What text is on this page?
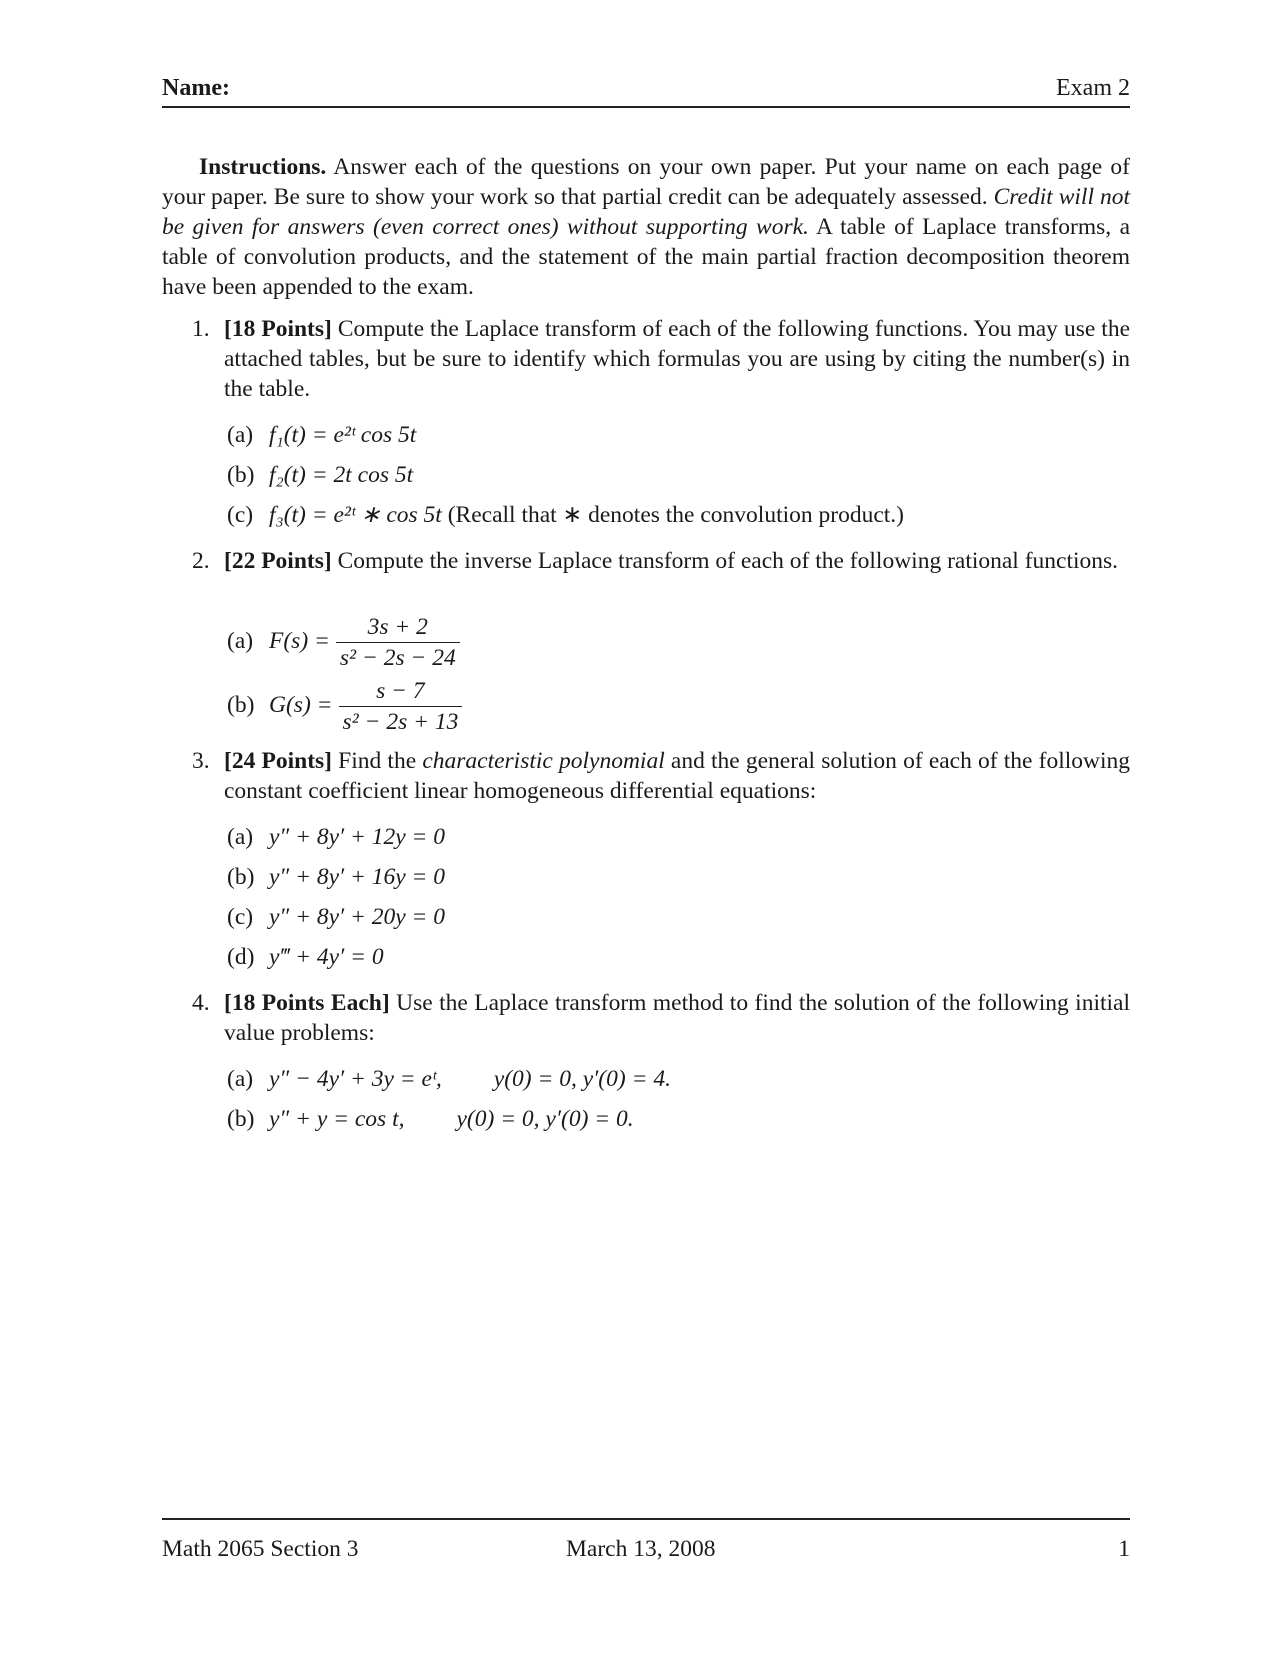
Name:	Exam 2
Instructions. Answer each of the questions on your own paper. Put your name on each page of your paper. Be sure to show your work so that partial credit can be adequately assessed. Credit will not be given for answers (even correct ones) without supporting work. A table of Laplace transforms, a table of convolution products, and the statement of the main partial fraction decomposition theorem have been appended to the exam.
1. [18 Points] Compute the Laplace transform of each of the following functions. You may use the attached tables, but be sure to identify which formulas you are using by citing the number(s) in the table.
(a) f₁(t) = e²ᵗ cos 5t
(b) f₂(t) = 2t cos 5t
(c) f₃(t) = e²ᵗ ∗ cos 5t (Recall that ∗ denotes the convolution product.)
2. [22 Points] Compute the inverse Laplace transform of each of the following rational functions.
(a) $F(s) = \frac{3s + 2}{\text{s² − 2s − 24}}$
(b) $G(s) = \frac{s - 7}{\text{s² − 2s + 13}}$
3. [24 Points] Find the characteristic polynomial and the general solution of each of the following constant coefficient linear homogeneous differential equations:
(a) y″ + 8y′ + 12y = 0
(b) y″ + 8y′ + 16y = 0
(c) y″ + 8y′ + 20y = 0
(d) y‴ + 4y′ = 0
4. [18 Points Each] Use the Laplace transform method to find the solution of the following initial value problems:
(a) y″ − 4y′ + 3y = eᵗ, y(0) = 0, y′(0) = 4.
(b) y″ + y = cos t, y(0) = 0, y′(0) = 0.
Math 2065 Section 3	March 13, 2008	1
